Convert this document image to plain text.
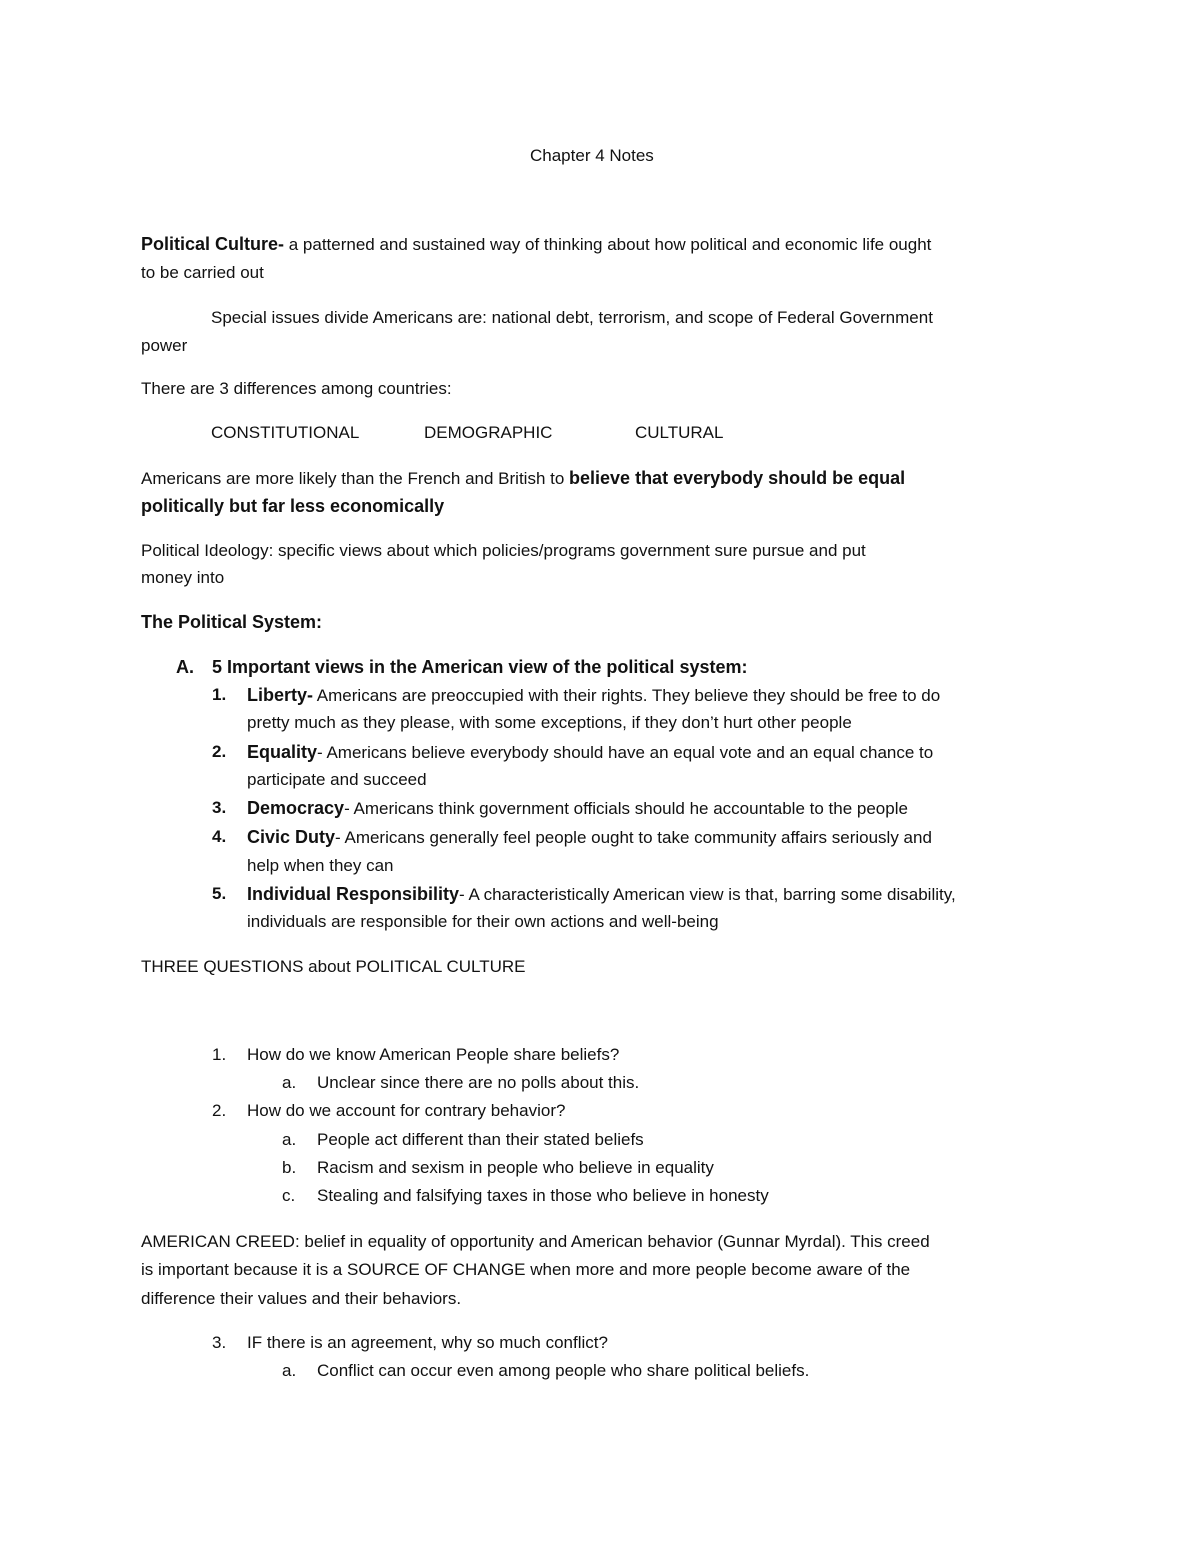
Chapter 4 Notes
Political Culture- a patterned and sustained way of thinking about how political and economic life ought
to be carried out
Special issues divide Americans are: national debt, terrorism, and scope of Federal Government
power
There are 3 differences among countries:
CONSTITUTIONAL	DEMOGRAPHIC	CULTURAL
Americans are more likely than the French and British to believe that everybody should be equal
politically but far less economically
Political Ideology: specific views about which policies/programs government sure pursue and put
money into
The Political System:
A. 5 Important views in the American view of the political system:
1. Liberty- Americans are preoccupied with their rights. They believe they should be free to do
pretty much as they please, with some exceptions, if they don’t hurt other people
2. Equality- Americans believe everybody should have an equal vote and an equal chance to
participate and succeed
3. Democracy- Americans think government officials should he accountable to the people
4. Civic Duty- Americans generally feel people ought to take community affairs seriously and
help when they can
5. Individual Responsibility- A characteristically American view is that, barring some disability,
individuals are responsible for their own actions and well-being
THREE QUESTIONS about POLITICAL CULTURE
1. How do we know American People share beliefs?
a. Unclear since there are no polls about this.
2. How do we account for contrary behavior?
a. People act different than their stated beliefs
b. Racism and sexism in people who believe in equality
c. Stealing and falsifying taxes in those who believe in honesty
AMERICAN CREED: belief in equality of opportunity and American behavior (Gunnar Myrdal). This creed
is important because it is a SOURCE OF CHANGE when more and more people become aware of the
difference their values and their behaviors.
3. IF there is an agreement, why so much conflict?
a. Conflict can occur even among people who share political beliefs.
